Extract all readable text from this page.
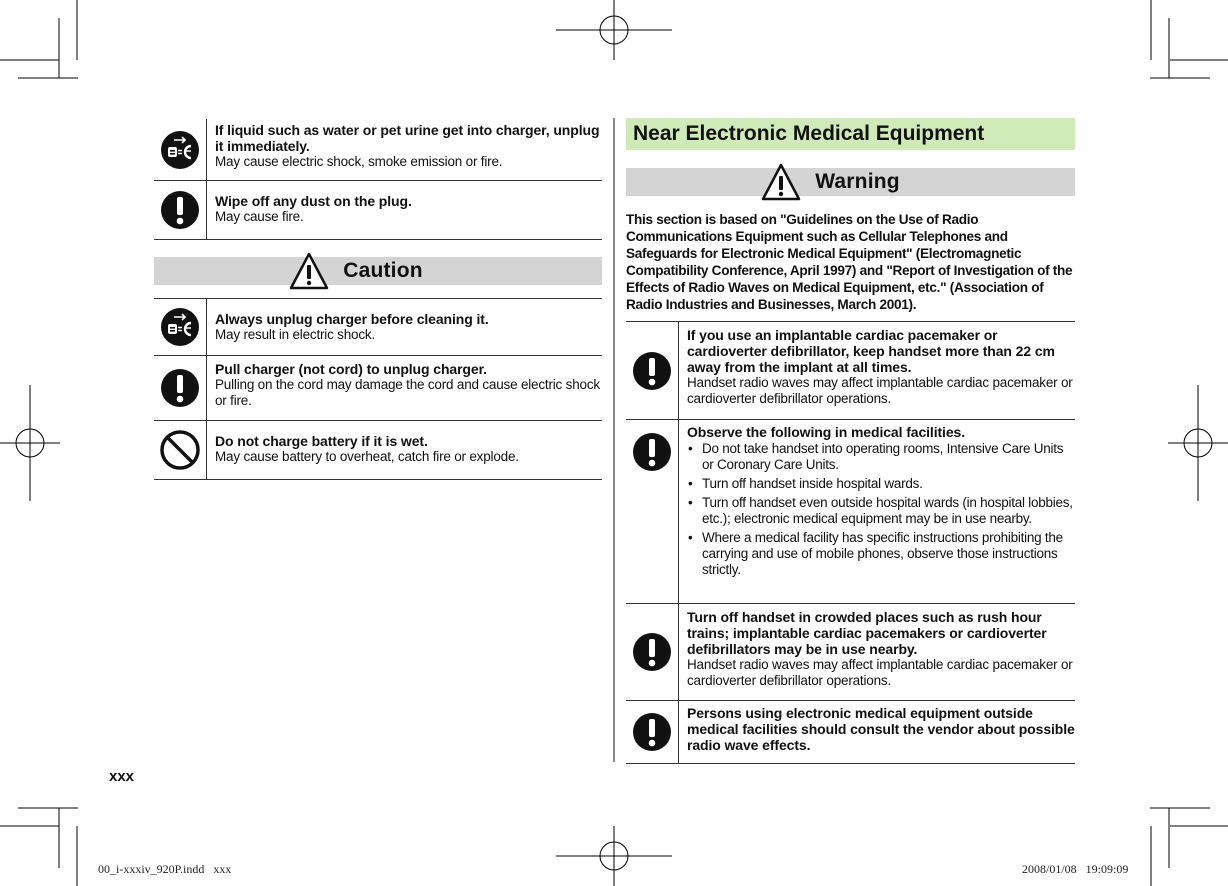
If liquid such as water or pet urine get into charger, unplug it immediately.
May cause electric shock, smoke emission or fire.
Wipe off any dust on the plug.
May cause fire.
Caution
Always unplug charger before cleaning it.
May result in electric shock.
Pull charger (not cord) to unplug charger.
Pulling on the cord may damage the cord and cause electric shock or fire.
Do not charge battery if it is wet.
May cause battery to overheat, catch fire or explode.
xxx
Near Electronic Medical Equipment
Warning
This section is based on "Guidelines on the Use of Radio Communications Equipment such as Cellular Telephones and Safeguards for Electronic Medical Equipment" (Electromagnetic Compatibility Conference, April 1997) and "Report of Investigation of the Effects of Radio Waves on Medical Equipment, etc." (Association of Radio Industries and Businesses, March 2001).
If you use an implantable cardiac pacemaker or cardioverter defibrillator, keep handset more than 22 cm away from the implant at all times.
Handset radio waves may affect implantable cardiac pacemaker or cardioverter defibrillator operations.
Observe the following in medical facilities.
• Do not take handset into operating rooms, Intensive Care Units or Coronary Care Units.
• Turn off handset inside hospital wards.
• Turn off handset even outside hospital wards (in hospital lobbies, etc.); electronic medical equipment may be in use nearby.
• Where a medical facility has specific instructions prohibiting the carrying and use of mobile phones, observe those instructions strictly.
Turn off handset in crowded places such as rush hour trains; implantable cardiac pacemakers or cardioverter defibrillators may be in use nearby.
Handset radio waves may affect implantable cardiac pacemaker or cardioverter defibrillator operations.
Persons using electronic medical equipment outside medical facilities should consult the vendor about possible radio wave effects.
00_i-xxxiv_920P.indd   xxx	2008/01/08   19:09:09
